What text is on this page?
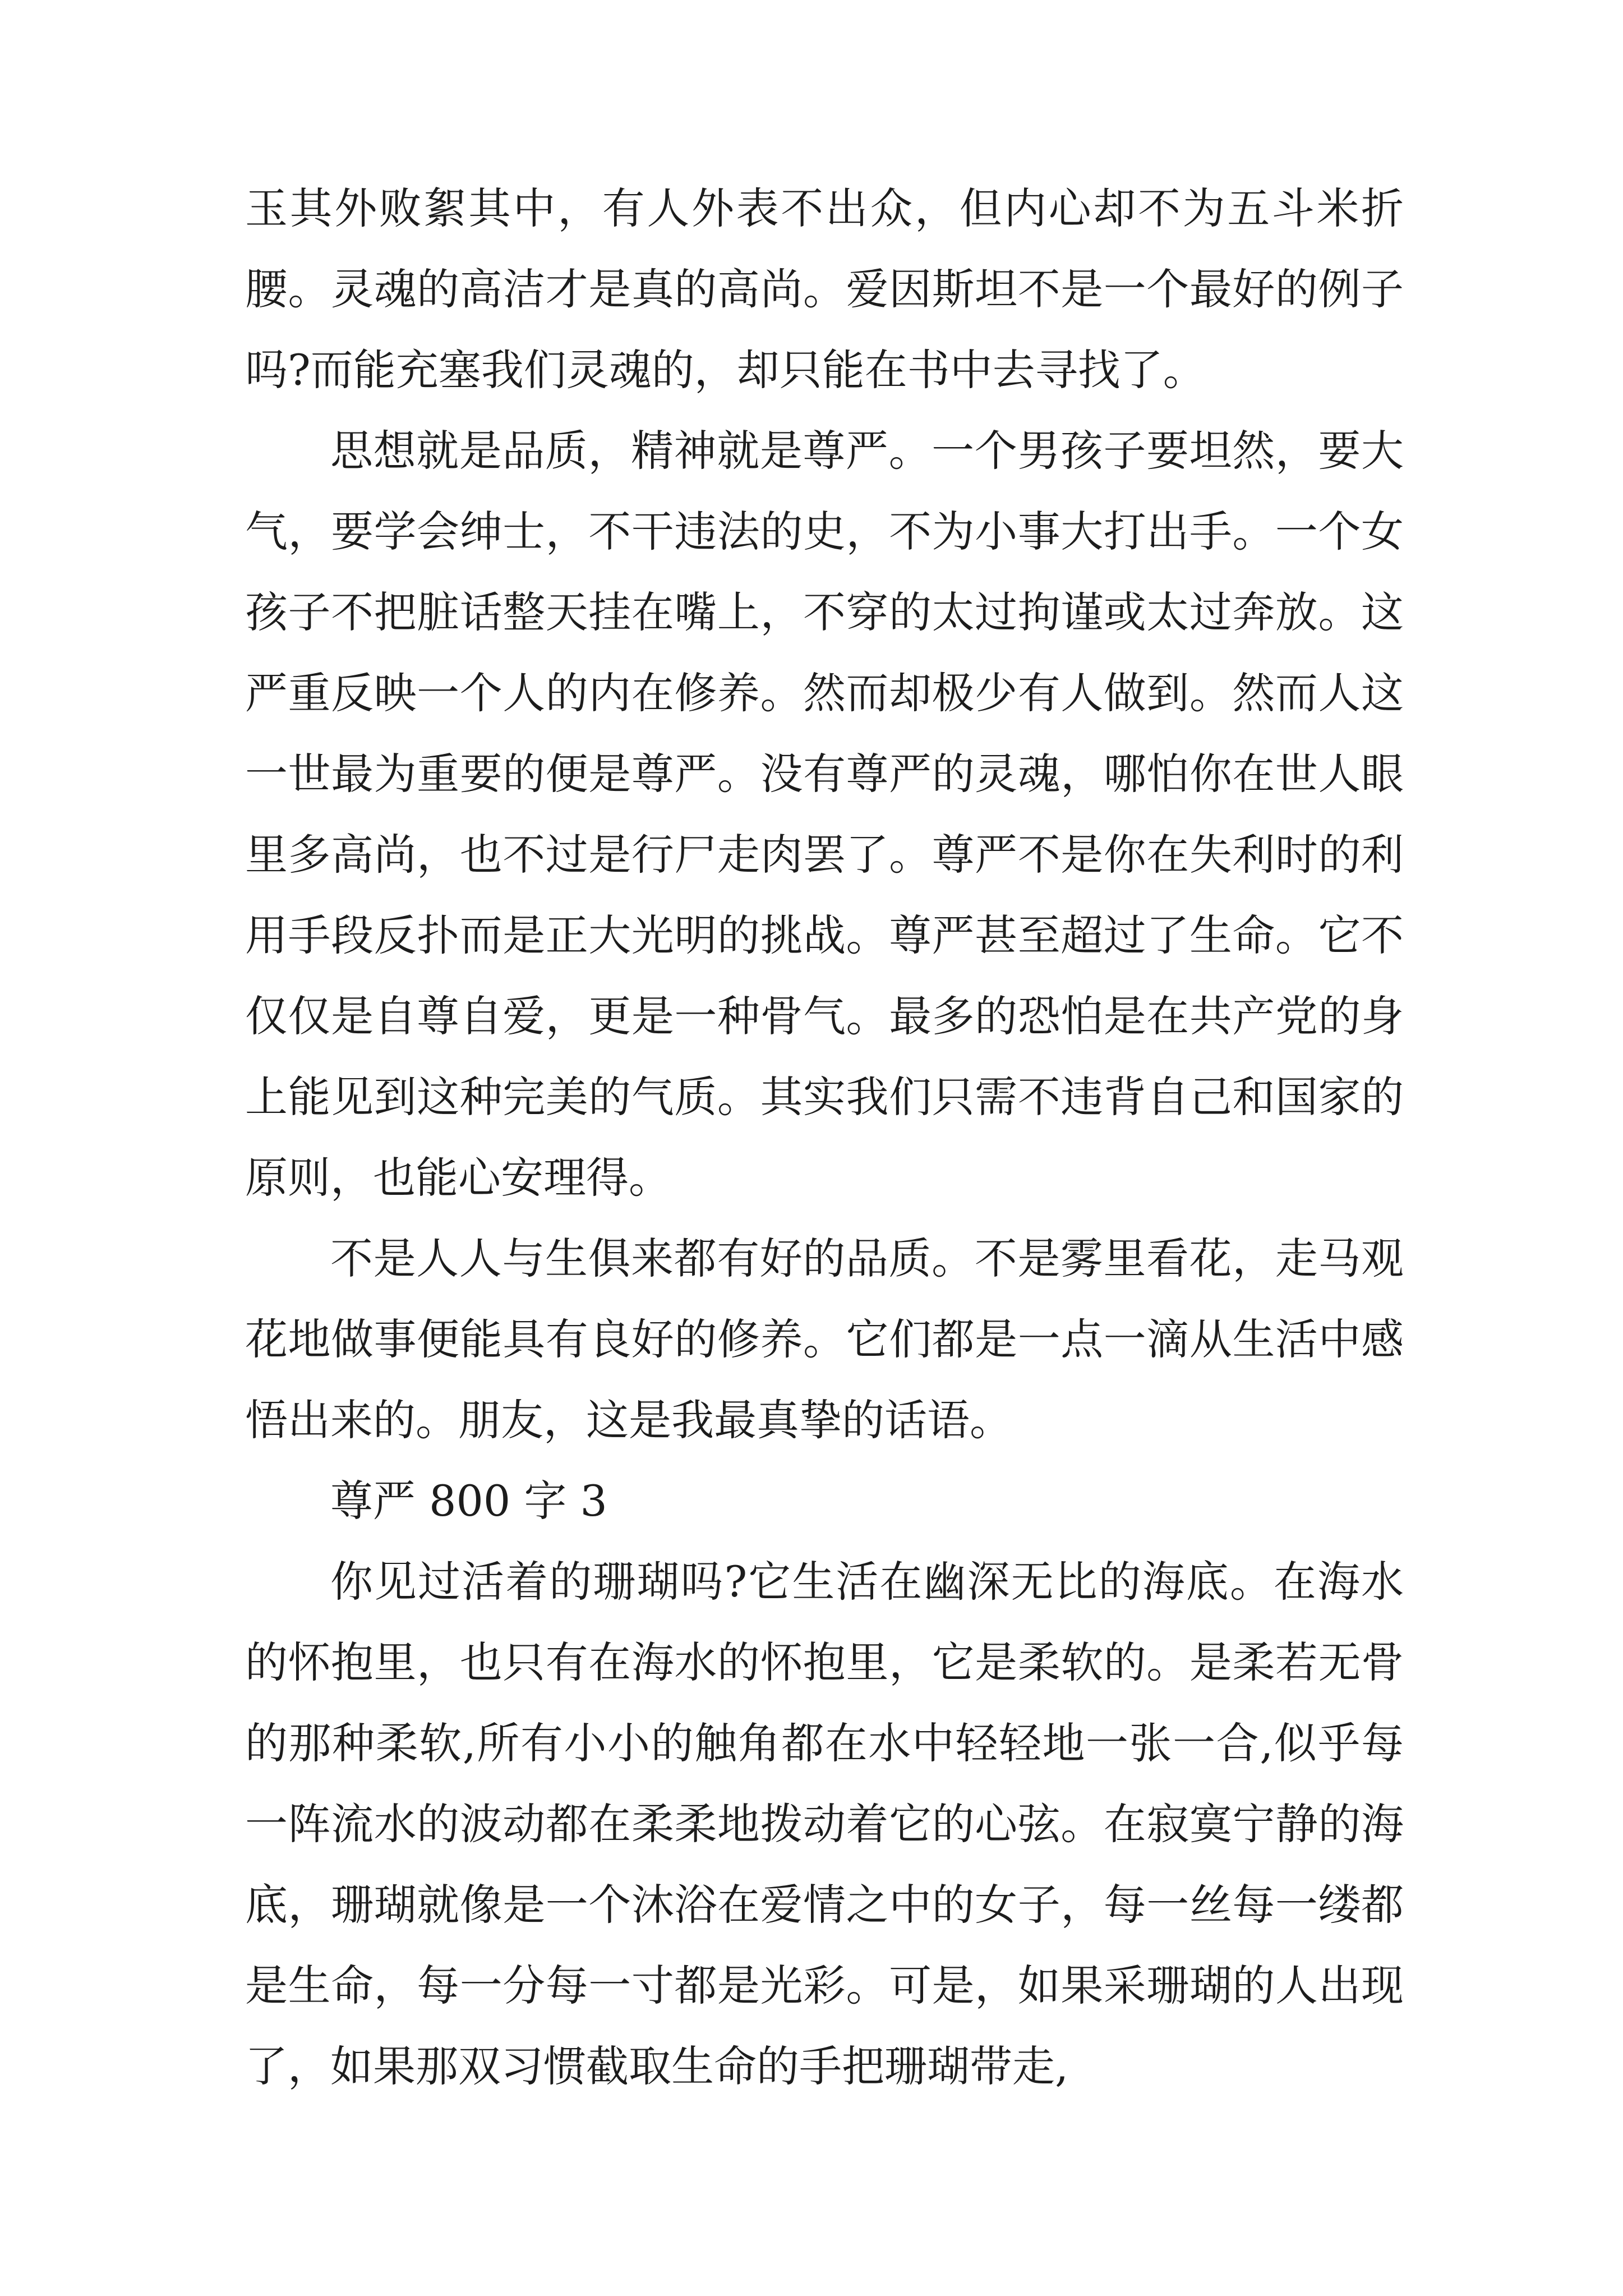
玉其外败絮其中，有人外表不出众，但内心却不为五斗米折腰。灵魂的高洁才是真的高尚。爱因斯坦不是一个最好的例子吗?而能充塞我们灵魂的，却只能在书中去寻找了。

思想就是品质，精神就是尊严。一个男孩子要坦然，要大气，要学会绅士，不干违法的史，不为小事大打出手。一个女孩子不把脏话整天挂在嘴上，不穿的太过拘谨或太过奔放。这严重反映一个人的内在修养。然而却极少有人做到。然而人这一世最为重要的便是尊严。没有尊严的灵魂，哪怕你在世人眼里多高尚，也不过是行尸走肉罢了。尊严不是你在失利时的利用手段反扑而是正大光明的挑战。尊严甚至超过了生命。它不仅仅是自尊自爱，更是一种骨气。最多的恐怕是在共产党的身上能见到这种完美的气质。其实我们只需不违背自己和国家的原则，也能心安理得。

不是人人与生俱来都有好的品质。不是雾里看花，走马观花地做事便能具有良好的修养。它们都是一点一滴从生活中感悟出来的。朋友，这是我最真挚的话语。

尊严 800 字 3

你见过活着的珊瑚吗?它生活在幽深无比的海底。在海水的怀抱里，也只有在海水的怀抱里，它是柔软的。是柔若无骨的那种柔软,所有小小的触角都在水中轻轻地一张一合,似乎每一阵流水的波动都在柔柔地拨动着它的心弦。在寂寞宁静的海底，珊瑚就像是一个沐浴在爱情之中的女子，每一丝每一缕都是生命，每一分每一寸都是光彩。可是，如果采珊瑚的人出现了，如果那双习惯截取生命的手把珊瑚带走,
